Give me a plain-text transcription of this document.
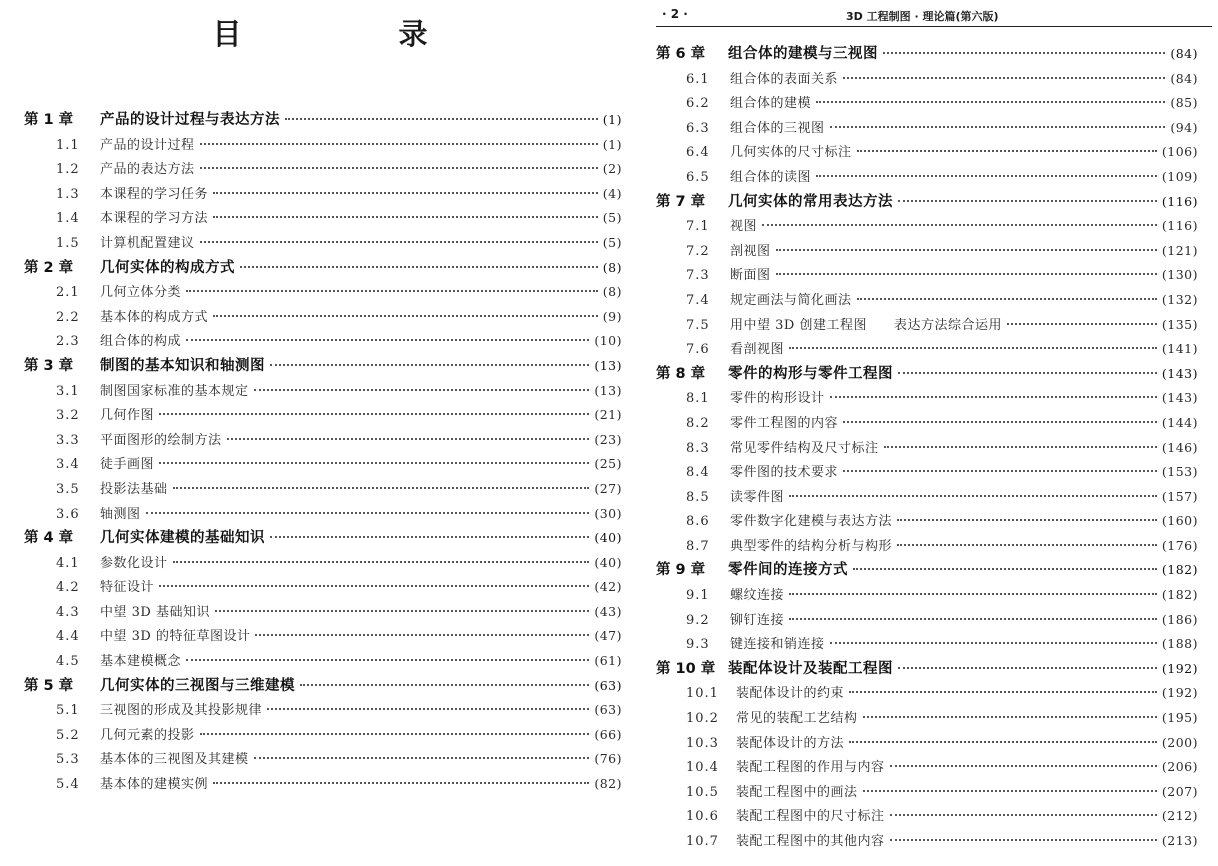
目　录
第 1 章	产品的设计过程与表达方法	(1)
1.1	产品的设计过程	(1)
1.2	产品的表达方法	(2)
1.3	本课程的学习任务	(4)
1.4	本课程的学习方法	(5)
1.5	计算机配置建议	(5)
第 2 章	几何实体的构成方式	(8)
2.1	几何立体分类	(8)
2.2	基本体的构成方式	(9)
2.3	组合体的构成	(10)
第 3 章	制图的基本知识和轴测图	(13)
3.1	制图国家标准的基本规定	(13)
3.2	几何作图	(21)
3.3	平面图形的绘制方法	(23)
3.4	徒手画图	(25)
3.5	投影法基础	(27)
3.6	轴测图	(30)
第 4 章	几何实体建模的基础知识	(40)
4.1	参数化设计	(40)
4.2	特征设计	(42)
4.3	中望 3D 基础知识	(43)
4.4	中望 3D 的特征草图设计	(47)
4.5	基本建模概念	(61)
第 5 章	几何实体的三视图与三维建模	(63)
5.1	三视图的形成及其投影规律	(63)
5.2	几何元素的投影	(66)
5.3	基本体的三视图及其建模	(76)
5.4	基本体的建模实例	(82)
· 2 ·	3D 工程制图 · 理论篇(第六版)
第 6 章	组合体的建模与三视图	(84)
6.1	组合体的表面关系	(84)
6.2	组合体的建模	(85)
6.3	组合体的三视图	(94)
6.4	几何实体的尺寸标注	(106)
6.5	组合体的读图	(109)
第 7 章	几何实体的常用表达方法	(116)
7.1	视图	(116)
7.2	剖视图	(121)
7.3	断面图	(130)
7.4	规定画法与简化画法	(132)
7.5	用中望 3D 创建工程图　　表达方法综合运用	(135)
7.6	看剖视图	(141)
第 8 章	零件的构形与零件工程图	(143)
8.1	零件的构形设计	(143)
8.2	零件工程图的内容	(144)
8.3	常见零件结构及尺寸标注	(146)
8.4	零件图的技术要求	(153)
8.5	读零件图	(157)
8.6	零件数字化建模与表达方法	(160)
8.7	典型零件的结构分析与构形	(176)
第 9 章	零件间的连接方式	(182)
9.1	螺纹连接	(182)
9.2	铆钉连接	(186)
9.3	键连接和销连接	(188)
第 10 章 装配体设计及装配工程图	(192)
10.1	装配体设计的约束	(192)
10.2	常见的装配工艺结构	(195)
10.3	装配体设计的方法	(200)
10.4	装配工程图的作用与内容	(206)
10.5	装配工程图中的画法	(207)
10.6	装配工程图中的尺寸标注	(212)
10.7	装配工程图中的其他内容	(213)
